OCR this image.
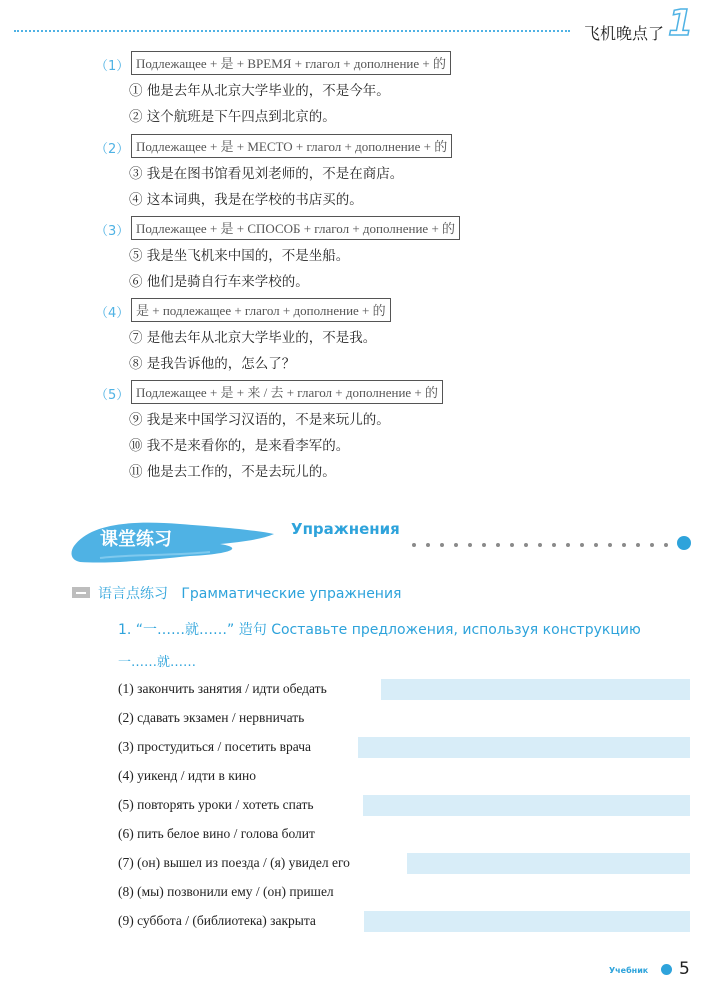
飞机晚点了 1
（1） Подлежащее + 是 + ВРЕМЯ + глагол + дополнение + 的
① 他是去年从北京大学毕业的，不是今年。
② 这个航班是下午四点到北京的。
（2） Подлежащее + 是 + МЕСТО + глагол + дополнение + 的
③ 我是在图书馆看见刘老师的，不是在商店。
④ 这本词典，我是在学校的书店买的。
（3） Подлежащее + 是 + СПОСОБ + глагол + дополнение + 的
⑤ 我是坐飞机来中国的，不是坐船。
⑥ 他们是骑自行车来学校的。
（4） 是 + подлежащее + глагол + дополнение + 的
⑦ 是他去年从北京大学毕业的，不是我。
⑧ 是我告诉他的，怎么了？
（5） Подлежащее + 是 + 来 / 去 + глагол + дополнение + 的
⑨ 我是来中国学习汉语的，不是来玩儿的。
⑩ 我不是来看你的，是来看李军的。
⑪ 他是去工作的，不是去玩儿的。
课堂练习	Упражнения
语言点练习 Грамматические упражнения
1. “一……就……” 造句 Составьте предложения, используя конструкцию
一……就……
(1) закончить занятия / идти обедать
(2) сдавать экзамен / нервничать
(3) простудиться / посетить врача
(4) уикенд / идти в кино
(5) повторять уроки / хотеть спать
(6) пить белое вино / голова болит
(7) (он) вышел из поезда / (я) увидел его
(8) (мы) позвонили ему / (он) пришел
(9) суббота / (библиотека) закрыта
Учебник 5
